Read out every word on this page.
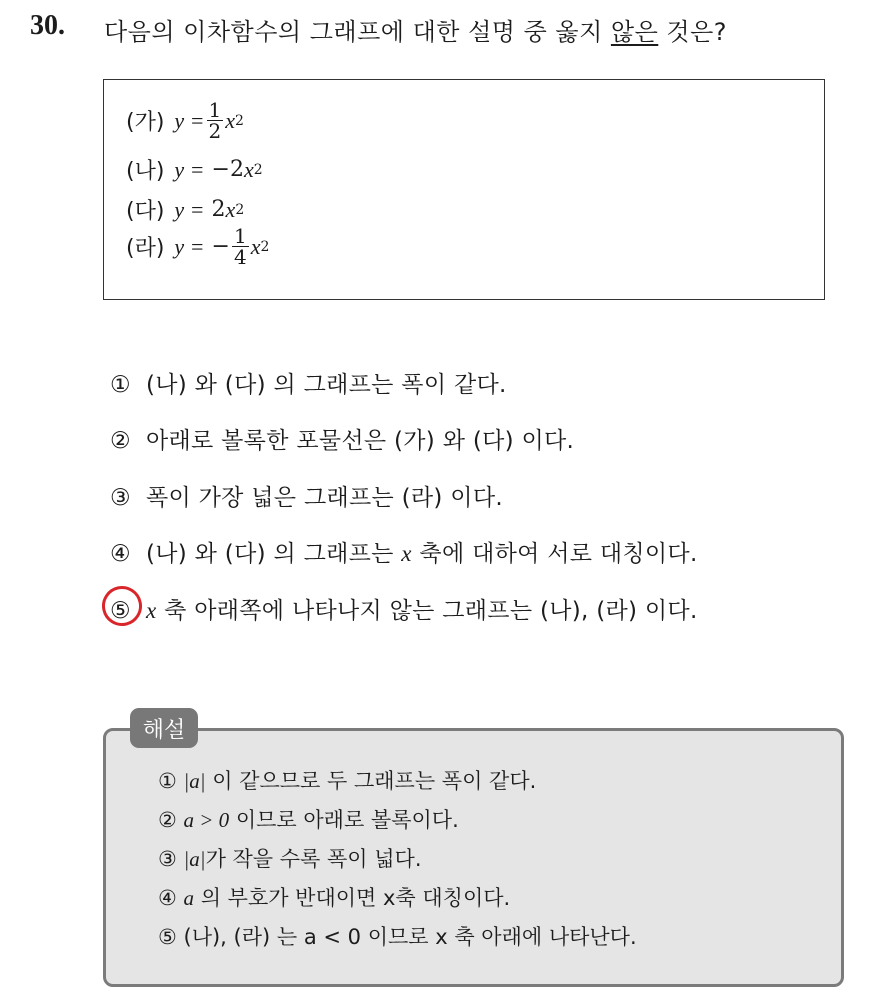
30. 다음의 이차함수의 그래프에 대한 설명 중 옳지 않은 것은?
(가) $y = \frac{1}{2}$ x 2
(나) y =
−2 x 2
(다) y =
2 x 2
(라) y =
− $\frac{1}{4}$ x 2
① (나) 와 (다) 의 그래프는 폭이 같다.
② 아래로 볼록한 포물선은 (가) 와 (다) 이다.
③ 폭이 가장 넓은 그래프는 (라) 이다.
④ (나) 와 (다) 의 그래프는 x 축에 대하여 서로 대칭이다.
⑤ x 축 아래쪽에 나타나지 않는 그래프는 (나), (라) 이다.
해설
① |a| 이 같으므로 두 그래프는 폭이 같다.
② a > 0 이므로 아래로 볼록이다.
③ |a|가 작을 수록 폭이 넓다.
④ a 의 부호가 반대이면 x축 대칭이다.
⑤ (나), (라) 는 a < 0 이므로 x 축 아래에 나타난다.
